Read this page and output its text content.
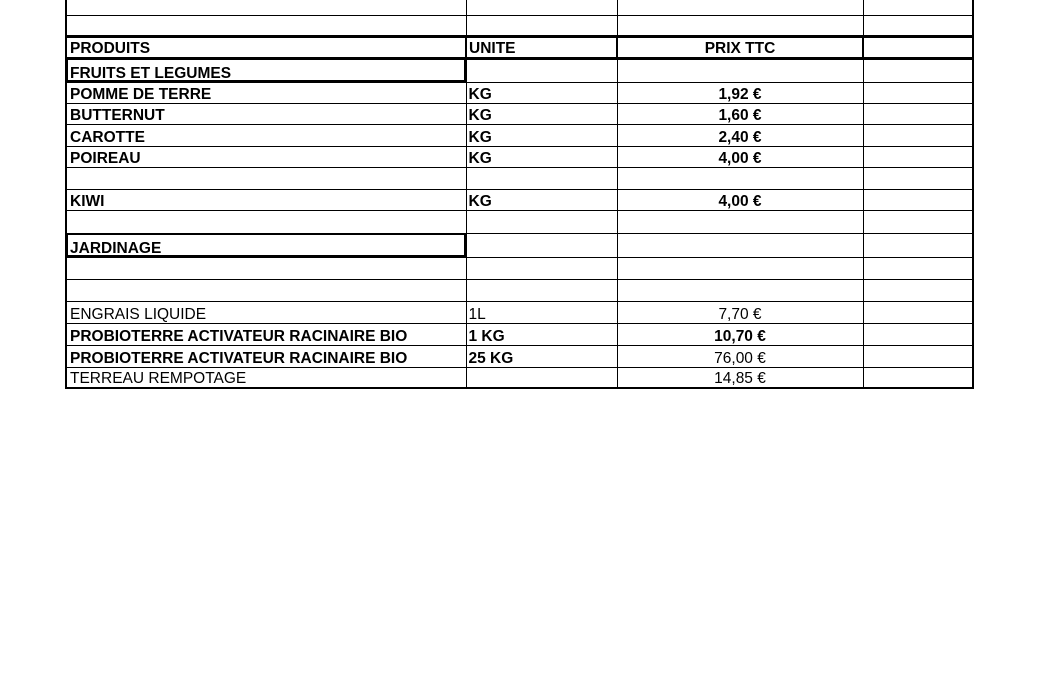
PRODUITS	UNITE	PRIX TTC	
FRUITS ET LEGUMES			
POMME DE TERRE	KG	1,92 €	
BUTTERNUT	KG	1,60 €	
CAROTTE	KG	2,40 €	
POIREAU	KG	4,00 €	

KIWI	KG	4,00 €	

JARDINAGE			

ENGRAIS LIQUIDE	1L	7,70 €	
PROBIOTERRE ACTIVATEUR RACINAIRE BIO	1 KG	10,70 €	
PROBIOTERRE ACTIVATEUR RACINAIRE BIO	25 KG	76,00 €	
TERREAU REMPOTAGE		14,85 €	
